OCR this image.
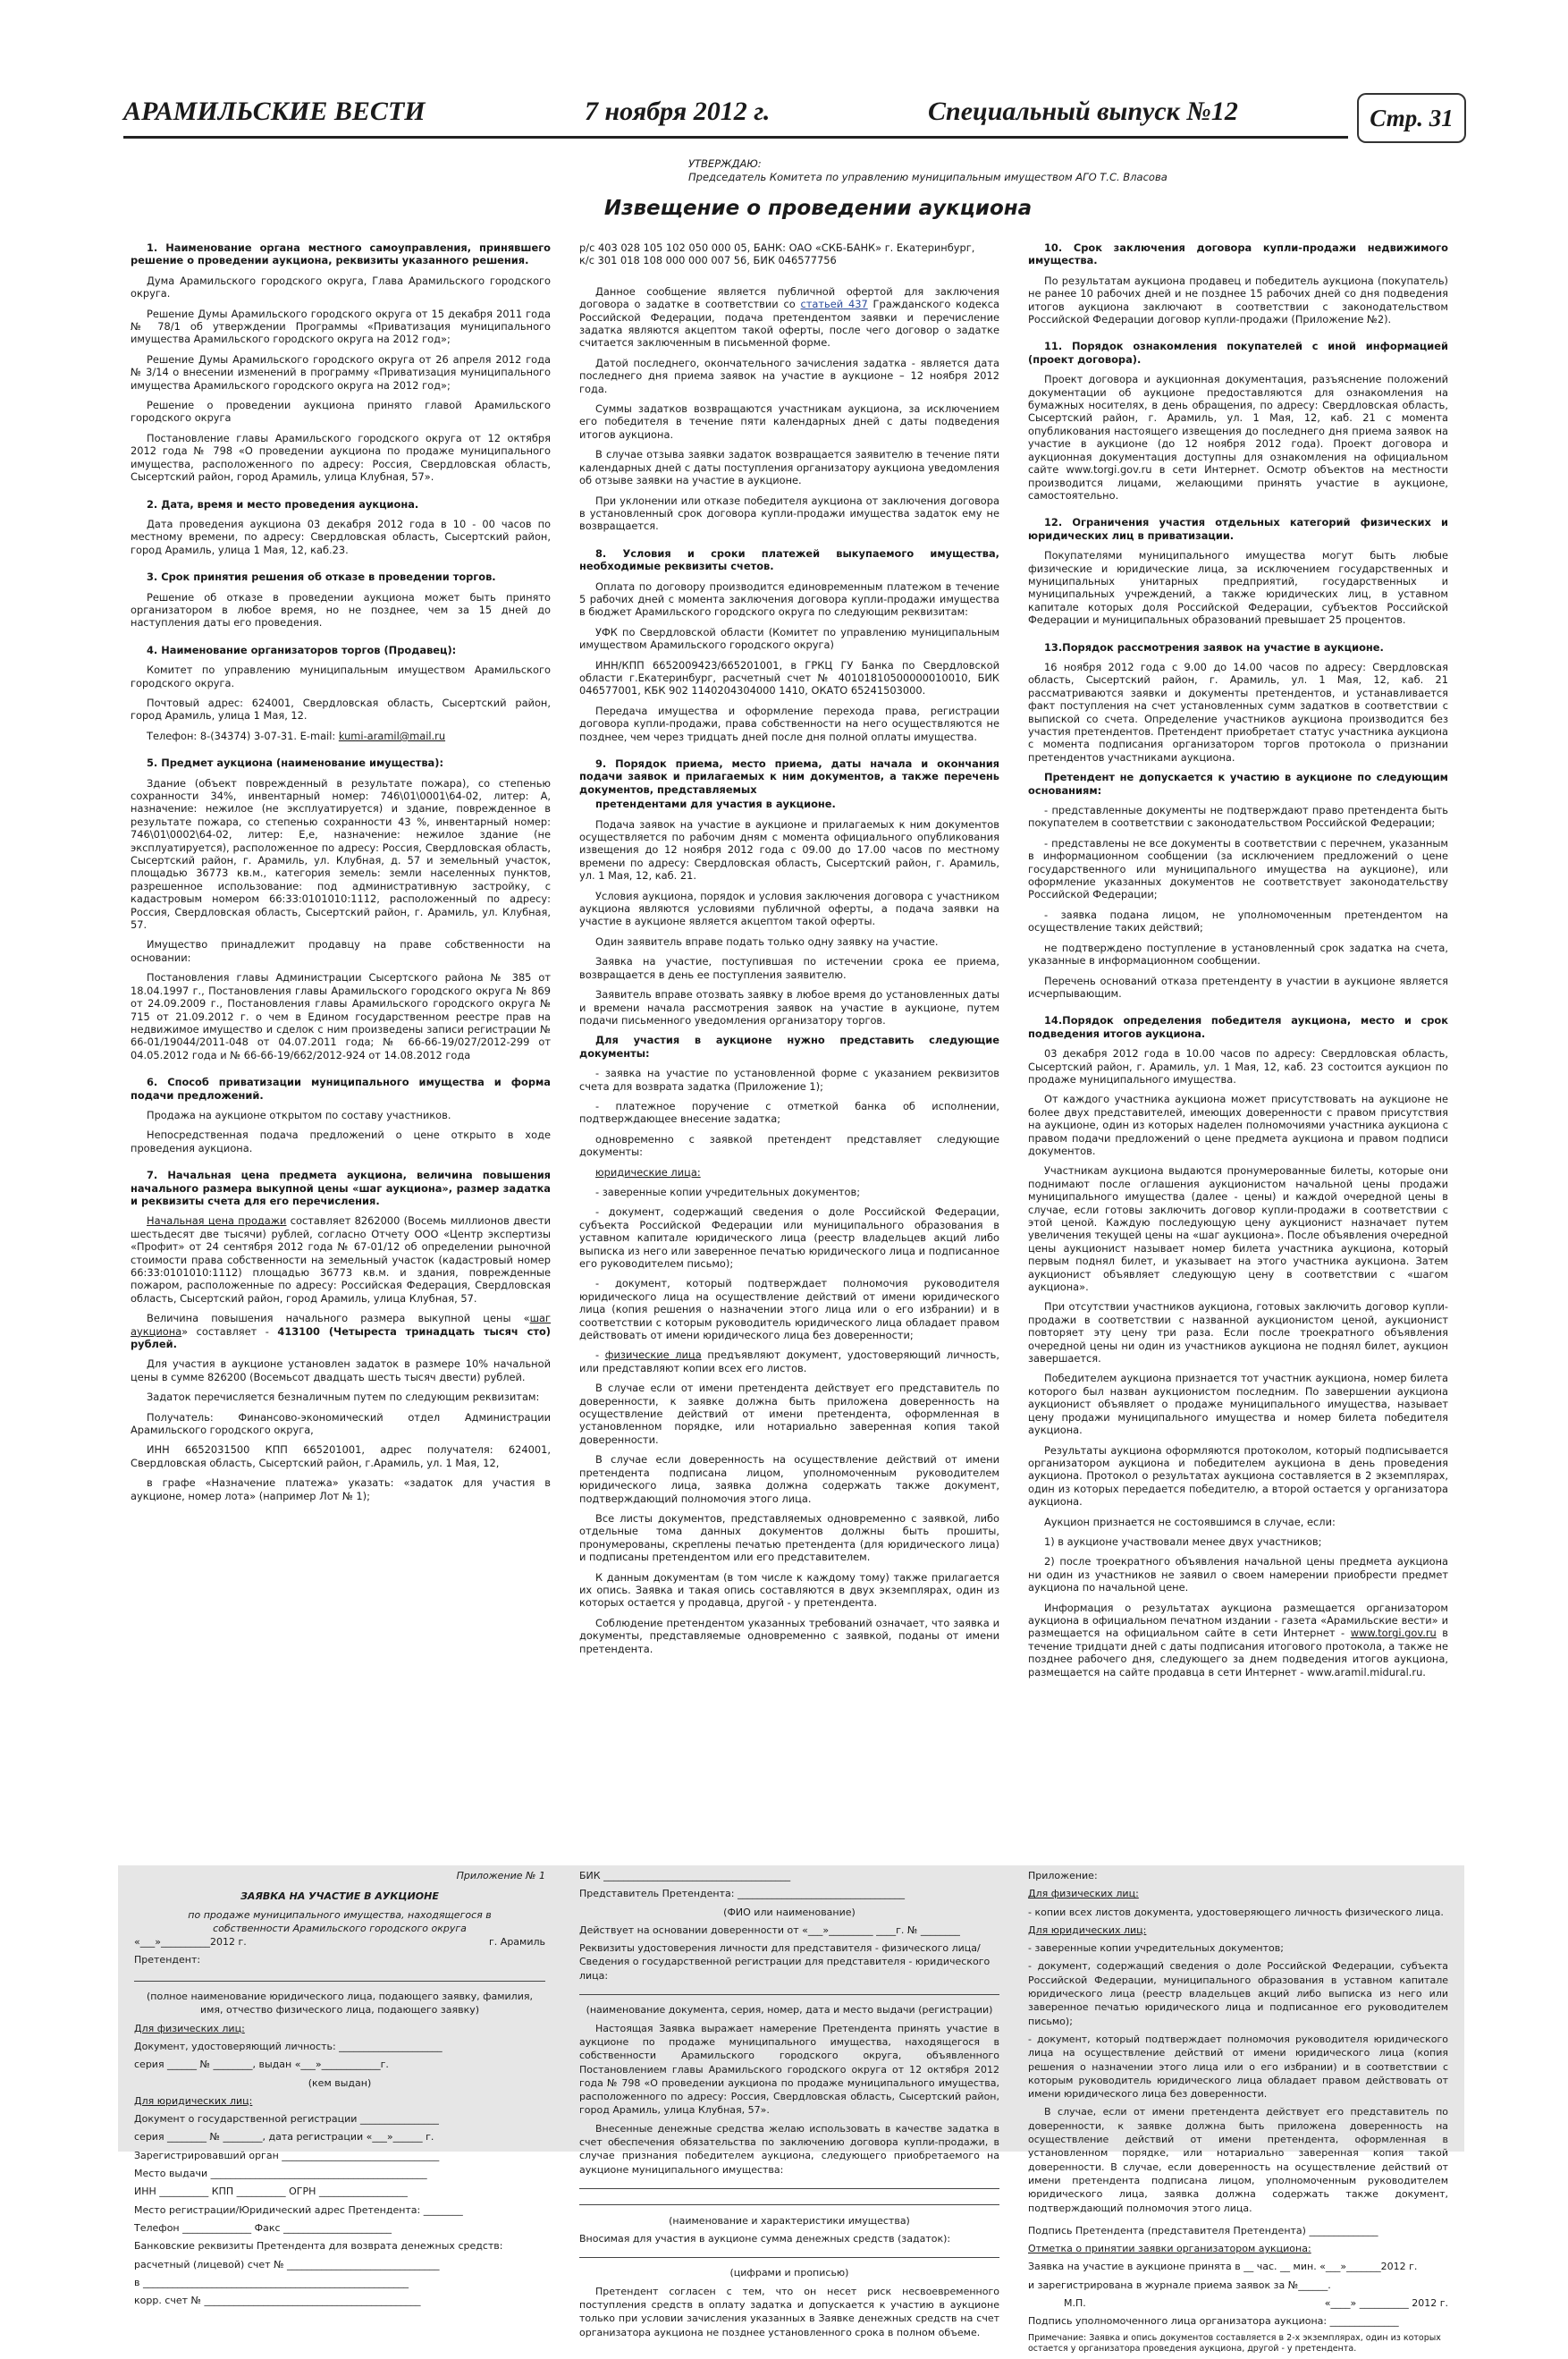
АРАМИЛЬСКИЕ ВЕСТИ	7 ноября 2012 г.	Специальный выпуск №12	Стр. 31
УТВЕРЖДАЮ:
Председатель Комитета по управлению муниципальным имуществом АГО Т.С. Власова
Извещение о проведении аукциона

1. Наименование органа местного самоуправления, принявшего решение о проведении аукциона, реквизиты указанного решения.

Дума Арамильского городского округа, Глава Арамильского городского округа.

Решение Думы Арамильского городского округа от 15 декабря 2011 года № 78/1 об утверждении Программы «Приватизация муниципального имущества Арамильского городского округа на 2012 год»;

Решение Думы Арамильского городского округа от 26 апреля 2012 года № 3/14 о внесении изменений в программу «Приватизация муниципального имущества Арамильского городского округа на 2012 год»;

Решение о проведении аукциона принято главой Арамильского городского округа

Постановление главы Арамильского городского округа от 12 октября 2012 года № 798 «О проведении аукциона по продаже муниципального имущества, расположенного по адресу: Россия, Свердловская область, Сысертский район, город Арамиль, улица Клубная, 57».

2. Дата, время и место проведения аукциона.

Дата проведения аукциона 03 декабря 2012 года в 10 - 00 часов по местному времени, по адресу: Свердловская область, Сысертский район, город Арамиль, улица 1 Мая, 12, каб.23.

3. Срок принятия решения об отказе в проведении торгов.

Решение об отказе в проведении аукциона может быть принято организатором в любое время, но не позднее, чем за 15 дней до наступления даты его проведения.

4. Наименование организаторов торгов (Продавец):

Комитет по управлению муниципальным имуществом Арамильского городского округа.

Почтовый адрес: 624001, Свердловская область, Сысертский район, город Арамиль, улица 1 Мая, 12.

Телефон: 8-(34374) 3-07-31. E-mail: kumi-aramil@mail.ru

5. Предмет аукциона (наименование имущества):

Здание (объект поврежденный в результате пожара), со степенью сохранности 34%, инвентарный номер: 746\01\0001\64-02, литер: А, назначение: нежилое (не эксплуатируется) и здание, поврежденное в результате пожара, со степенью сохранности 43 %, инвентарный номер: 746\01\0002\64-02, литер: Е,е, назначение: нежилое здание (не эксплуатируется), расположенное по адресу: Россия, Свердловская область, Сысертский район, г. Арамиль, ул. Клубная, д. 57 и земельный участок, площадью 36773 кв.м., категория земель: земли населенных пунктов, разрешенное использование: под административную застройку, с кадастровым номером 66:33:0101010:1112, расположенный по адресу: Россия, Свердловская область, Сысертский район, г. Арамиль, ул. Клубная, 57.

Имущество принадлежит продавцу на праве собственности на основании:

Постановления главы Администрации Сысертского района № 385 от 18.04.1997 г., Постановления главы Арамильского городского округа № 869 от 24.09.2009 г., Постановления главы Арамильского городского округа № 715 от 21.09.2012 г. о чем в Едином государственном реестре прав на недвижимое имущество и сделок с ним произведены записи регистрации № 66-01/19044/2011-048 от 04.07.2011 года; № 66-66-19/027/2012-299 от 04.05.2012 года и № 66-66-19/662/2012-924 от 14.08.2012 года

6. Способ приватизации муниципального имущества и форма подачи предложений.

Продажа на аукционе открытом по составу участников.

Непосредственная подача предложений о цене открыто в ходе проведения аукциона.

7. Начальная цена предмета аукциона, величина повышения начального размера выкупной цены «шаг аукциона», размер задатка и реквизиты счета для его перечисления.

Начальная цена продажи составляет 8262000 (Восемь миллионов двести шестьдесят две тысячи) рублей, согласно Отчету ООО «Центр экспертизы «Профит» от 24 сентября 2012 года № 67-01/12 об определении рыночной стоимости права собственности на земельный участок (кадастровый номер 66:33:0101010:1112) площадью 36773 кв.м. и здания, поврежденные пожаром, расположенные по адресу: Российская Федерация, Свердловская область, Сысертский район, город Арамиль, улица Клубная, 57.

Величина повышения начального размера выкупной цены «шаг аукциона» составляет - 413100 (Четыреста тринадцать тысяч сто) рублей.

Для участия в аукционе установлен задаток в размере 10% начальной цены в сумме 826200 (Восемьсот двадцать шесть тысяч двести) рублей.

Задаток перечисляется безналичным путем по следующим реквизитам:

Получатель: Финансово-экономический отдел Администрации Арамильского городского округа,

ИНН 6652031500 КПП 665201001, адрес получателя: 624001, Свердловская область, Сысертский район, г.Арамиль, ул. 1 Мая, 12,

в графе «Назначение платежа» указать: «задаток для участия в аукционе, номер лота» (например Лот № 1);

р/с 403 028 105 102 050 000 05, БАНК: ОАО «СКБ-БАНК» г. Екатеринбург,

к/с 301 018 108 000 000 007 56, БИК 046577756

Данное сообщение является публичной офертой для заключения договора о задатке в соответствии со статьей 437 Гражданского кодекса Российской Федерации, подача претендентом заявки и перечисление задатка являются акцептом такой оферты, после чего договор о задатке считается заключенным в письменной форме.

Датой последнего, окончательного зачисления задатка - является дата последнего дня приема заявок на участие в аукционе – 12 ноября 2012 года.

Суммы задатков возвращаются участникам аукциона, за исключением его победителя в течение пяти календарных дней с даты подведения итогов аукциона.

В случае отзыва заявки задаток возвращается заявителю в течение пяти календарных дней с даты поступления организатору аукциона уведомления об отзыве заявки на участие в аукционе.

При уклонении или отказе победителя аукциона от заключения договора в установленный срок договора купли-продажи имущества задаток ему не возвращается.

8. Условия и сроки платежей выкупаемого имущества, необходимые реквизиты счетов.

Оплата по договору производится единовременным платежом в течение 5 рабочих дней с момента заключения договора купли-продажи имущества в бюджет Арамильского городского округа по следующим реквизитам:

УФК по Свердловской области (Комитет по управлению муниципальным имуществом Арамильского городского округа)

ИНН/КПП 6652009423/665201001, в ГРКЦ ГУ Банка по Свердловской области г.Екатеринбург, расчетный счет № 40101810500000010010, БИК 046577001, КБК 902 1140204304000 1410, ОКАТО 65241503000.

Передача имущества и оформление перехода права, регистрации договора купли-продажи, права собственности на него осуществляются не позднее, чем через тридцать дней после дня полной оплаты имущества.

9. Порядок приема, место приема, даты начала и окончания подачи заявок и прилагаемых к ним документов, а также перечень документов, представляемых

претендентами для участия в аукционе.

Подача заявок на участие в аукционе и прилагаемых к ним документов осуществляется по рабочим дням с момента официального опубликования извещения до 12 ноября 2012 года с 09.00 до 17.00 часов по местному времени по адресу: Свердловская область, Сысертский район, г. Арамиль, ул. 1 Мая, 12, каб. 21.

Условия аукциона, порядок и условия заключения договора с участником аукциона являются условиями публичной оферты, а подача заявки на участие в аукционе является акцептом такой оферты.

Один заявитель вправе подать только одну заявку на участие.

Заявка на участие, поступившая по истечении срока ее приема, возвращается в день ее поступления заявителю.

Заявитель вправе отозвать заявку в любое время до установленных даты и времени начала рассмотрения заявок на участие в аукционе, путем подачи письменного уведомления организатору торгов.

Для участия в аукционе нужно представить следующие документы:

- заявка на участие по установленной форме с указанием реквизитов счета для возврата задатка (Приложение 1);

- платежное поручение с отметкой банка об исполнении, подтверждающее внесение задатка;

одновременно с заявкой претендент представляет следующие документы:

юридические лица:

- заверенные копии учредительных документов;

- документ, содержащий сведения о доле Российской Федерации, субъекта Российской Федерации или муниципального образования в уставном капитале юридического лица (реестр владельцев акций либо выписка из него или заверенное печатью юридического лица и подписанное его руководителем письмо);

- документ, который подтверждает полномочия руководителя юридического лица на осуществление действий от имени юридического лица (копия решения о назначении этого лица или о его избрании) и в соответствии с которым руководитель юридического лица обладает правом действовать от имени юридического лица без доверенности;

- физические лица предъявляют документ, удостоверяющий личность, или представляют копии всех его листов.

В случае если от имени претендента действует его представитель по доверенности, к заявке должна быть приложена доверенность на осуществление действий от имени претендента, оформленная в установленном порядке, или нотариально заверенная копия такой доверенности.

В случае если доверенность на осуществление действий от имени претендента подписана лицом, уполномоченным руководителем юридического лица, заявка должна содержать также документ, подтверждающий полномочия этого лица.

Все листы документов, представляемых одновременно с заявкой, либо отдельные тома данных документов должны быть прошиты, пронумерованы, скреплены печатью претендента (для юридического лица) и подписаны претендентом или его представителем.

К данным документам (в том числе к каждому тому) также прилагается их опись. Заявка и такая опись составляются в двух экземплярах, один из которых остается у продавца, другой - у претендента.

Соблюдение претендентом указанных требований означает, что заявка и документы, представляемые одновременно с заявкой, поданы от имени претендента.

10. Срок заключения договора купли-продажи недвижимого имущества.

По результатам аукциона продавец и победитель аукциона (покупатель) не ранее 10 рабочих дней и не позднее 15 рабочих дней со дня подведения итогов аукциона заключают в соответствии с законодательством Российской Федерации договор купли-продажи (Приложение №2).

11. Порядок ознакомления покупателей с иной информацией (проект договора).

Проект договора и аукционная документация, разъяснение положений документации об аукционе предоставляются для ознакомления на бумажных носителях, в день обращения, по адресу: Свердловская область, Сысертский район, г. Арамиль, ул. 1 Мая, 12, каб. 21 с момента опубликования настоящего извещения до последнего дня приема заявок на участие в аукционе (до 12 ноября 2012 года). Проект договора и аукционная документация доступны для ознакомления на официальном сайте www.torgi.gov.ru в сети Интернет. Осмотр объектов на местности производится лицами, желающими принять участие в аукционе, самостоятельно.

12. Ограничения участия отдельных категорий физических и юридических лиц в приватизации.

Покупателями муниципального имущества могут быть любые физические и юридические лица, за исключением государственных и муниципальных унитарных предприятий, государственных и муниципальных учреждений, а также юридических лиц, в уставном капитале которых доля Российской Федерации, субъектов Российской Федерации и муниципальных образований превышает 25 процентов.

13.Порядок рассмотрения заявок на участие в аукционе.

16 ноября 2012 года с 9.00 до 14.00 часов по адресу: Свердловская область, Сысертский район, г. Арамиль, ул. 1 Мая, 12, каб. 21 рассматриваются заявки и документы претендентов, и устанавливается факт поступления на счет установленных сумм задатков в соответствии с выпиской со счета. Определение участников аукциона производится без участия претендентов. Претендент приобретает статус участника аукциона с момента подписания организатором торгов протокола о признании претендентов участниками аукциона.

Претендент не допускается к участию в аукционе по следующим основаниям:

- представленные документы не подтверждают право претендента быть покупателем в соответствии с законодательством Российской Федерации;

- представлены не все документы в соответствии с перечнем, указанным в информационном сообщении (за исключением предложений о цене государственного или муниципального имущества на аукционе), или оформление указанных документов не соответствует законодательству Российской Федерации;

- заявка подана лицом, не уполномоченным претендентом на осуществление таких действий;

не подтверждено поступление в установленный срок задатка на счета, указанные в информационном сообщении.

Перечень оснований отказа претенденту в участии в аукционе является исчерпывающим.

14.Порядок определения победителя аукциона, место и срок подведения итогов аукциона.

03 декабря 2012 года в 10.00 часов по адресу: Свердловская область, Сысертский район, г. Арамиль, ул. 1 Мая, 12, каб. 23 состоится аукцион по продаже муниципального имущества.

От каждого участника аукциона может присутствовать на аукционе не более двух представителей, имеющих доверенности с правом присутствия на аукционе, один из которых наделен полномочиями участника аукциона с правом подачи предложений о цене предмета аукциона и правом подписи документов.

Участникам аукциона выдаются пронумерованные билеты, которые они поднимают после оглашения аукционистом начальной цены продажи муниципального имущества (далее - цены) и каждой очередной цены в случае, если готовы заключить договор купли-продажи в соответствии с этой ценой. Каждую последующую цену аукционист назначает путем увеличения текущей цены на «шаг аукциона». После объявления очередной цены аукционист называет номер билета участника аукциона, который первым поднял билет, и указывает на этого участника аукциона. Затем аукционист объявляет следующую цену в соответствии с «шагом аукциона».

При отсутствии участников аукциона, готовых заключить договор купли-продажи в соответствии с названной аукционистом ценой, аукционист повторяет эту цену три раза. Если после троекратного объявления очередной цены ни один из участников аукциона не поднял билет, аукцион завершается.

Победителем аукциона признается тот участник аукциона, номер билета которого был назван аукционистом последним. По завершении аукциона аукционист объявляет о продаже муниципального имущества, называет цену продажи муниципального имущества и номер билета победителя аукциона.

Результаты аукциона оформляются протоколом, который подписывается организатором аукциона и победителем аукциона в день проведения аукциона. Протокол о результатах аукциона составляется в 2 экземплярах, один из которых передается победителю, а второй остается у организатора аукциона.

Аукцион признается не состоявшимся в случае, если:

1) в аукционе участвовали менее двух участников;

2) после троекратного объявления начальной цены предмета аукциона ни один из участников не заявил о своем намерении приобрести предмет аукциона по начальной цене.

Информация о результатах аукциона размещается организатором аукциона в официальном печатном издании - газета «Арамильские вести» и размещается на официальном сайте в сети Интернет - www.torgi.gov.ru в течение тридцати дней с даты подписания итогового протокола, а также не позднее рабочего дня, следующего за днем подведения итогов аукциона, размещается на сайте продавца в сети Интернет - www.aramil.midural.ru.

Приложение № 1
ЗАЯВКА НА УЧАСТИЕ В АУКЦИОНЕ
по продаже муниципального имущества, находящегося в собственности Арамильского городского округа
«___»__________2012 г.	г. Арамиль
Претендент:
(полное наименование юридического лица, подающего заявку, фамилия, имя, отчество физического лица, подающего заявку)
Для физических лиц:
Документ, удостоверяющий личность: _____________________
серия ______ № ________, выдан «___»____________г.
(кем выдан)
Для юридических лиц:
Документ о государственной регистрации ________________
серия ________ № ________, дата регистрации «___»______ г.
Зарегистрировавший орган ________________________________
Место выдачи ____________________________________________
ИНН __________ КПП __________ ОГРН __________________
Место регистрации/Юридический адрес Претендента: ________
Телефон ______________ Факс ______________________
Банковские реквизиты Претендента для возврата денежных средств:
расчетный (лицевой) счет № _______________________________
в ______________________________________________________
корр. счет № ____________________________________________
БИК ______________________________________
Представитель Претендента: __________________________________
(ФИО или наименование)
Действует на основании доверенности от «___»_________ ____г. № ________
Реквизиты удостоверения личности для представителя - физического лица/Сведения о государственной регистрации для представителя - юридического лица:
(наименование документа, серия, номер, дата и место выдачи (регистрации)
Настоящая Заявка выражает намерение Претендента принять участие в аукционе по продаже муниципального имущества, находящегося в собственности Арамильского городского округа, объявленного Постановлением главы Арамильского городского округа от 12 октября 2012 года № 798 «О проведении аукциона по продаже муниципального имущества, расположенного по адресу: Россия, Свердловская область, Сысертский район, город Арамиль, улица Клубная, 57».
Внесенные денежные средства желаю использовать в качестве задатка в счет обеспечения обязательства по заключению договора купли-продажи, в случае признания победителем аукциона, следующего приобретаемого на аукционе муниципального имущества:

(наименование и характеристики имущества)
Вносимая для участия в аукционе сумма денежных средств (задаток):
(цифрами и прописью)
Претендент согласен с тем, что он несет риск несвоевременного поступления средств в оплату задатка и допускается к участию в аукционе только при условии зачисления указанных в Заявке денежных средств на счет организатора аукциона не позднее установленного срока в полном объеме.
Приложение:
Для физических лиц:
- копии всех листов документа, удостоверяющего личность физического лица.
Для юридических лиц:
- заверенные копии учредительных документов;
- документ, содержащий сведения о доле Российской Федерации, субъекта Российской Федерации, муниципального образования в уставном капитале юридического лица (реестр владельцев акций либо выписка из него или заверенное печатью юридического лица и подписанное его руководителем письмо);
- документ, который подтверждает полномочия руководителя юридического лица на осуществление действий от имени юридического лица (копия решения о назначении этого лица или о его избрании) и в соответствии с которым руководитель юридического лица обладает правом действовать от имени юридического лица без доверенности.
В случае, если от имени претендента действует его представитель по доверенности, к заявке должна быть приложена доверенность на осуществление действий от имени претендента, оформленная в установленном порядке, или нотариально заверенная копия такой доверенности. В случае, если доверенность на осуществление действий от имени претендента подписана лицом, уполномоченным руководителем юридического лица, заявка должна содержать также документ, подтверждающий полномочия этого лица.
Подпись Претендента (представителя Претендента) ______________
Отметка о принятии заявки организатором аукциона:
Заявка на участие в аукционе принята в __ час. __ мин. «___»_______2012 г.
и зарегистрирована в журнале приема заявок за №______.
М.П.	«____» __________ 2012 г.
Подпись уполномоченного лица организатора аукциона: ______________
Примечание: Заявка и опись документов составляется в 2-х экземплярах, один из которых остается у организатора проведения аукциона, другой - у претендента.
